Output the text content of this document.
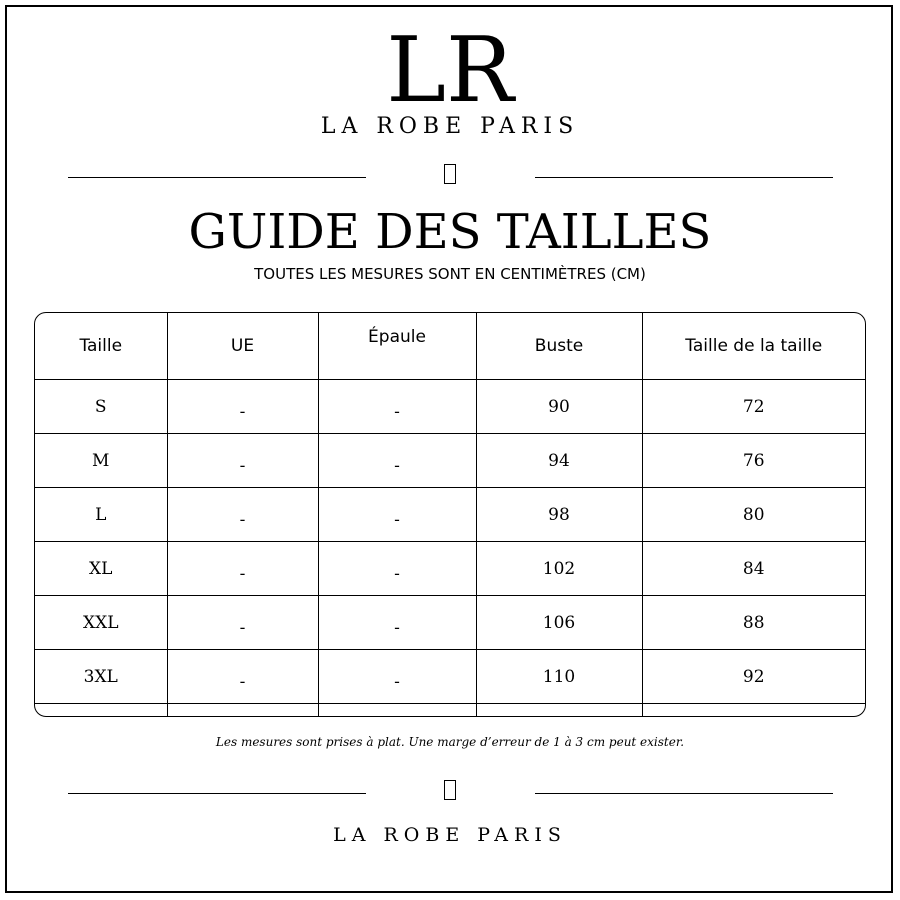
LR
LA ROBE PARIS
GUIDE DES TAILLES
TOUTES LES MESURES SONT EN CENTIMÈTRES (CM)
Taille	UE	Épaule	Buste	Taille de la taille
S	-	-	90	72
M	-	-	94	76
L	-	-	98	80
XL	-	-	102	84
XXL	-	-	106	88
3XL	-	-	110	92

Les mesures sont prises à plat. Une marge d’erreur de 1 à 3 cm peut exister.
LA ROBE PARIS
